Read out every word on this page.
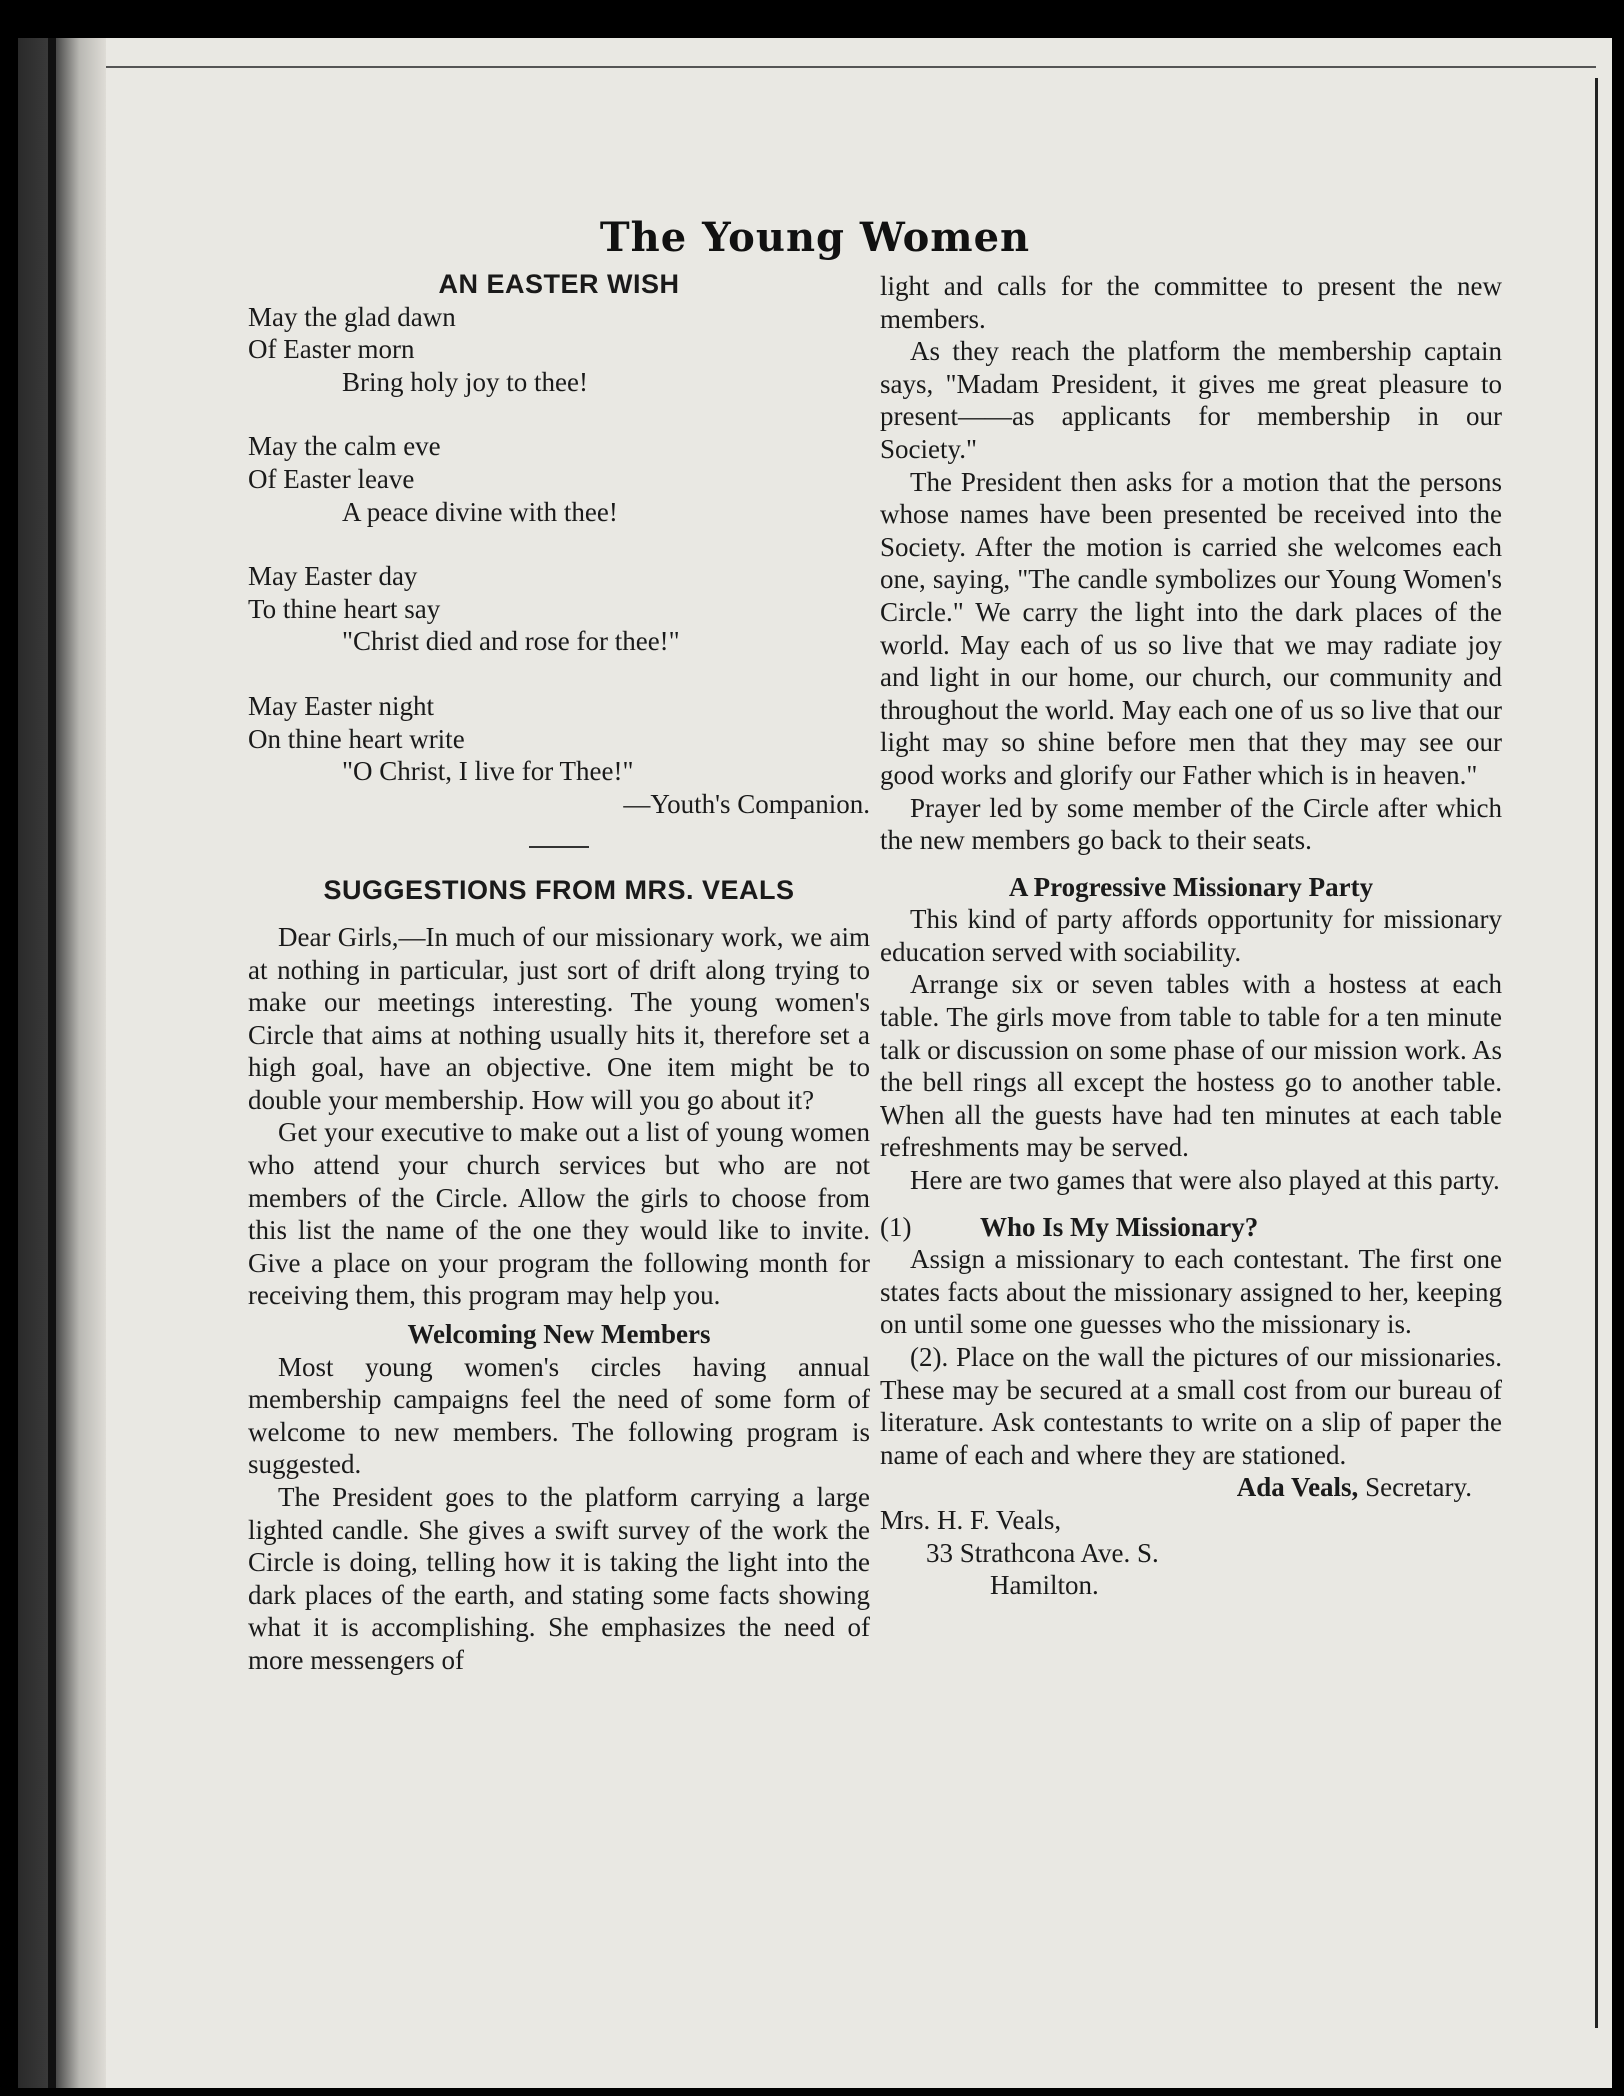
The Young Women
AN EASTER WISH

May the glad dawn

Of Easter morn

Bring holy joy to thee!

May the calm eve

Of Easter leave

A peace divine with thee!

May Easter day

To thine heart say

"Christ died and rose for thee!"

May Easter night

On thine heart write

"O Christ, I live for Thee!"

—Youth's Companion.

SUGGESTIONS FROM MRS. VEALS

Dear Girls,—In much of our missionary work, we aim at nothing in particular, just sort of drift along trying to make our meetings interesting. The young women's Circle that aims at nothing usually hits it, therefore set a high goal, have an objective. One item might be to double your membership. How will you go about it?

Get your executive to make out a list of young women who attend your church services but who are not members of the Circle. Allow the girls to choose from this list the name of the one they would like to invite. Give a place on your program the following month for receiving them, this program may help you.

Welcoming New Members

Most young women's circles having annual membership campaigns feel the need of some form of welcome to new members. The following program is suggested.

The President goes to the platform carrying a large lighted candle. She gives a swift survey of the work the Circle is doing, telling how it is taking the light into the dark places of the earth, and stating some facts showing what it is accomplishing. She emphasizes the need of more messengers of

light and calls for the committee to present the new members.

As they reach the platform the membership captain says, "Madam President, it gives me great pleasure to present——as applicants for membership in our Society."

The President then asks for a motion that the persons whose names have been presented be received into the Society. After the motion is carried she welcomes each one, saying, "The candle symbolizes our Young Women's Circle." We carry the light into the dark places of the world. May each of us so live that we may radiate joy and light in our home, our church, our community and throughout the world. May each one of us so live that our light may so shine before men that they may see our good works and glorify our Father which is in heaven."

Prayer led by some member of the Circle after which the new members go back to their seats.

A Progressive Missionary Party

This kind of party affords opportunity for missionary education served with sociability.

Arrange six or seven tables with a hostess at each table. The girls move from table to table for a ten minute talk or discussion on some phase of our mission work. As the bell rings all except the hostess go to another table. When all the guests have had ten minutes at each table refreshments may be served.

Here are two games that were also played at this party.

(1)	Who Is My Missionary?

Assign a missionary to each contestant. The first one states facts about the missionary assigned to her, keeping on until some one guesses who the missionary is.

(2). Place on the wall the pictures of our missionaries. These may be secured at a small cost from our bureau of literature. Ask contestants to write on a slip of paper the name of each and where they are stationed.

Ada Veals, Secretary.

Mrs. H. F. Veals,

33 Strathcona Ave. S.

Hamilton.
